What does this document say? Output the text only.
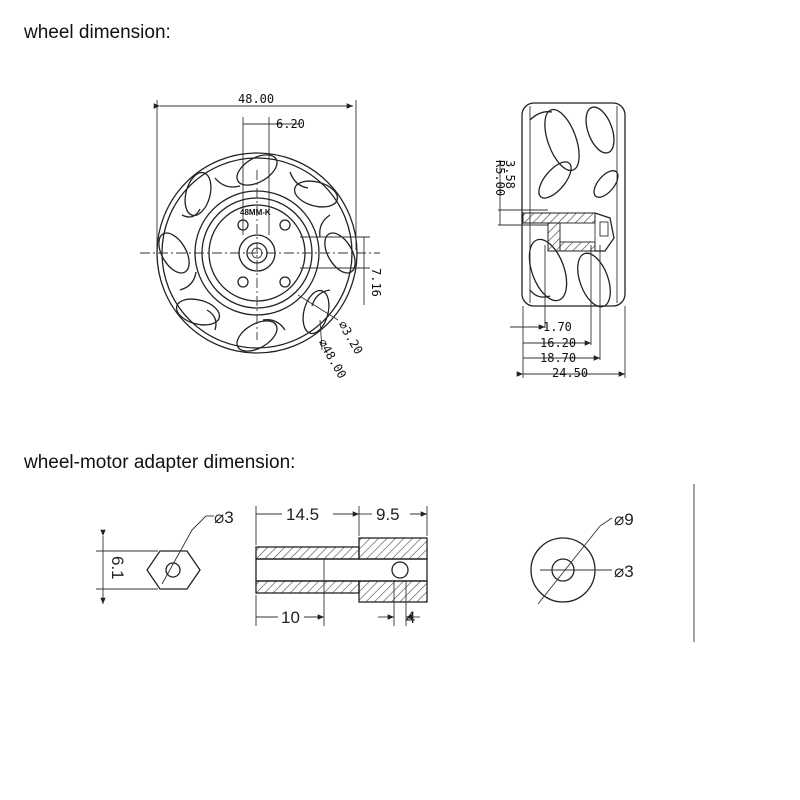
wheel dimension:
wheel-motor adapter dimension:
48.00
6.20
48MM-K
7.16
⌀3.20
⌀48.00
R5.00
3.58
1.70
16.20
18.70
24.50
⌀3
6.1
14.5	9.5
10	4
⌀9
⌀3
